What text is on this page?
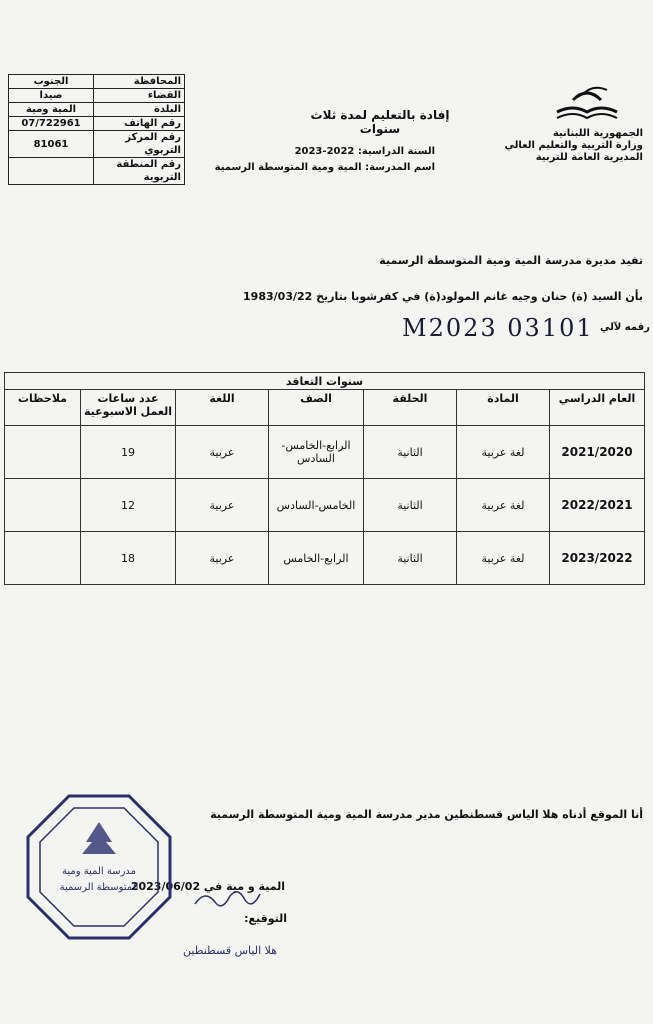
الجنوب	المحافظة
صيدا	القضاء
المية ومية	البلدة
07/722961	رقم الهاتف
81061	رقم المركز التربوي
	رقم المنطقة التربوية
الجمهورية اللبنانية
وزارة التربية والتعليم العالي
المديرية العامة للتربية
إفادة بالتعليم لمدة ثلاث سنوات
السنة الدراسية: 2022-2023
اسم المدرسة: المية ومية المتوسطة الرسمية
تفيد مديرة مدرسة المية ومية المتوسطة الرسمية
بأن السيد (ة) حنان وجيه غانم المولود(ة) في كفرشوبا بتاريخ 1983/03/22
M2023 03101 رقمه لآلي
سنوات التعاقد						
العام الدراسي	المادة	الحلقة	الصف	اللغة	عدد ساعات العمل الاسبوعية	ملاحظات
2021/2020	لغة عربية	الثانية	الرابع-الخامس-السادس	عربية	19	
2022/2021	لغة عربية	الثانية	الخامس-السادس	عربية	12	
2023/2022	لغة عربية	الثانية	الرابع-الخامس	عربية	18	
أنا الموقع أدناه هلا الياس قسطنطين مدير مدرسة المية ومية المتوسطة الرسمية
المية و مية في 2023/06/02
التوقيع:
هلا الياس قسطنطين
مدرسة المية ومية
المتوسطة الرسمية
